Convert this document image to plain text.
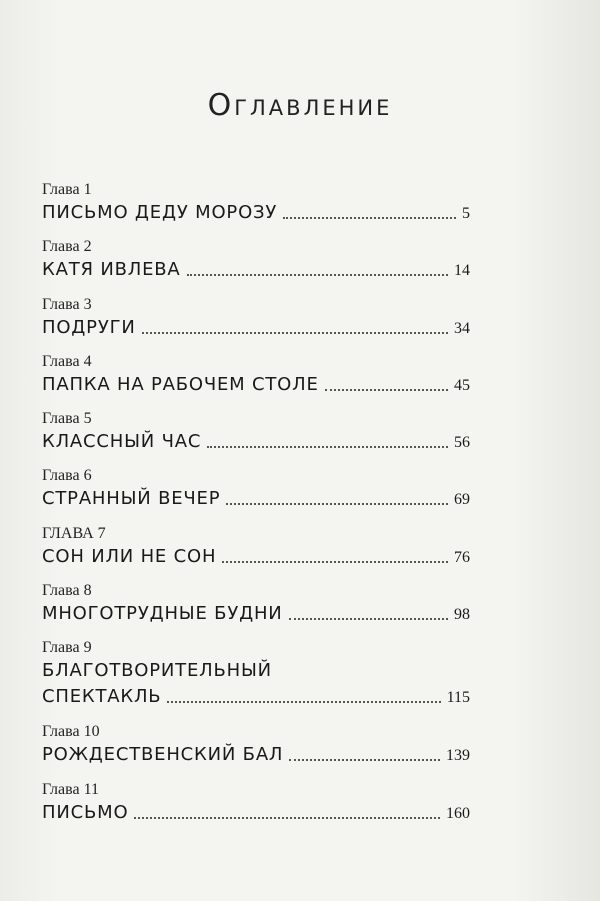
Оглавление
Глава 1
ПИСЬМО ДЕДУ МОРОЗУ	5
Глава 2
КАТЯ ИВЛЕВА	14
Глава 3
ПОДРУГИ	34
Глава 4
ПАПКА НА РАБОЧЕМ СТОЛЕ	45
Глава 5
КЛАССНЫЙ ЧАС	56
Глава 6
СТРАННЫЙ ВЕЧЕР	69
ГЛАВА 7
СОН ИЛИ НЕ СОН	76
Глава 8
МНОГОТРУДНЫЕ БУДНИ	98
Глава 9
БЛАГОТВОРИТЕЛЬНЫЙ
СПЕКТАКЛЬ	115
Глава 10
РОЖДЕСТВЕНСКИЙ БАЛ	139
Глава 11
ПИСЬМО	160
